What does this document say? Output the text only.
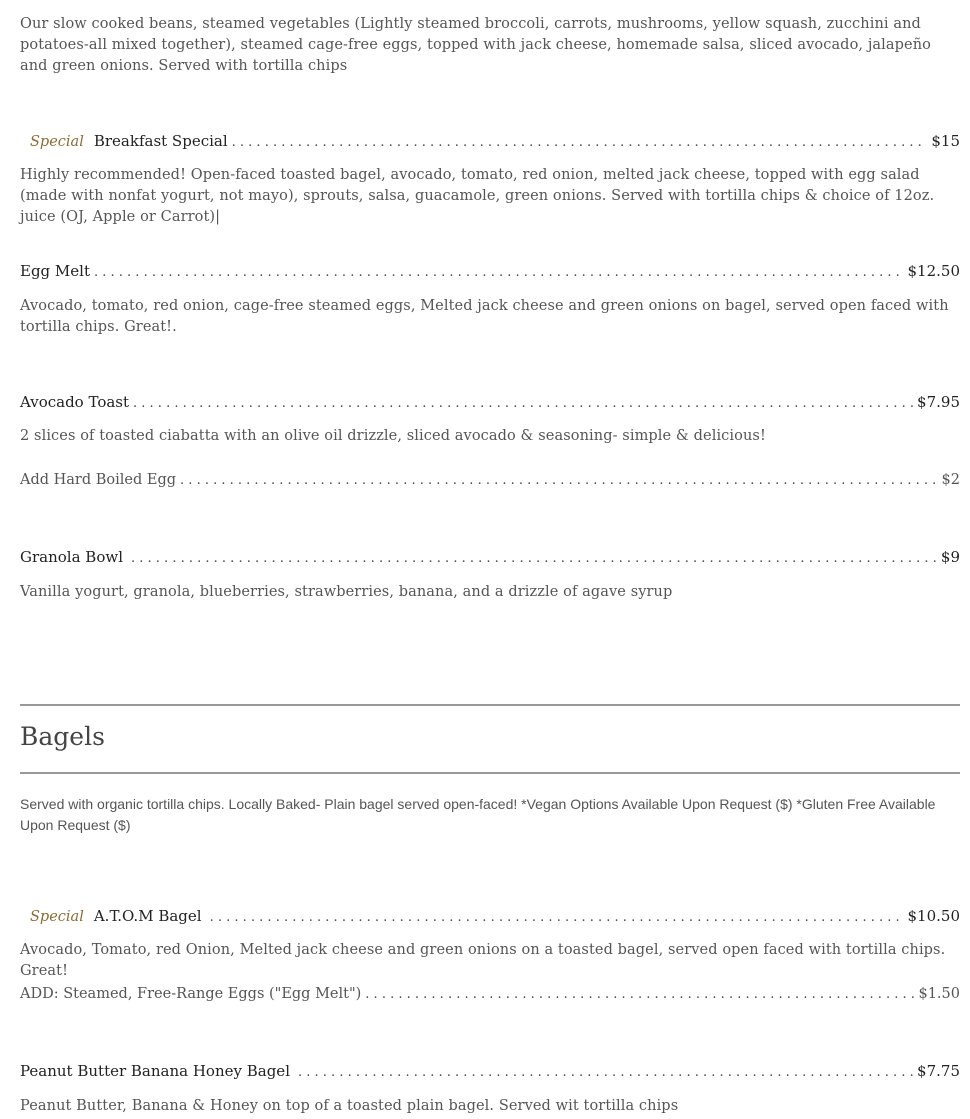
Our slow cooked beans, steamed vegetables (Lightly steamed broccoli, carrots, mushrooms, yellow squash, zucchini and potatoes-all mixed together), steamed cage-free eggs, topped with jack cheese, homemade salsa, sliced avocado, jalapeño and green onions. Served with tortilla chips
Special Breakfast Special . . .	$15
Highly recommended! Open-faced toasted bagel, avocado, tomato, red onion, melted jack cheese, topped with egg salad (made with nonfat yogurt, not mayo), sprouts, salsa, guacamole, green onions. Served with tortilla chips & choice of 12oz. juice (OJ, Apple or Carrot)|
Egg Melt . . .	$12.50
Avocado, tomato, red onion, cage-free steamed eggs, Melted jack cheese and green onions on bagel, served open faced with tortilla chips. Great!.
Avocado Toast . . .	$7.95
2 slices of toasted ciabatta with an olive oil drizzle, sliced avocado & seasoning- simple & delicious!
Add Hard Boiled Egg . . .	$2
Granola Bowl . . .	$9
Vanilla yogurt, granola, blueberries, strawberries, banana, and a drizzle of agave syrup
Bagels
Served with organic tortilla chips. Locally Baked- Plain bagel served open-faced! *Vegan Options Available Upon Request ($) *Gluten Free Available Upon Request ($)
Special A.T.O.M Bagel . . .	$10.50
Avocado, Tomato, red Onion, Melted jack cheese and green onions on a toasted bagel, served open faced with tortilla chips. Great!
ADD: Steamed, Free-Range Eggs ("Egg Melt") . . .	$1.50
Peanut Butter Banana Honey Bagel . . .	$7.75
Peanut Butter, Banana & Honey on top of a toasted plain bagel. Served wit tortilla chips
